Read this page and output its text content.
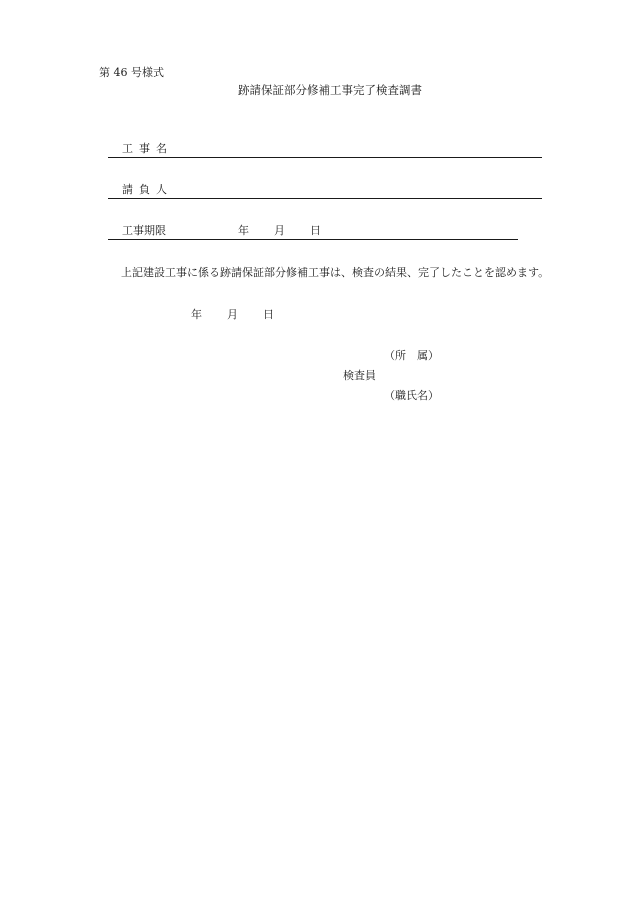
第 46 号様式
跡請保証部分修補工事完了検査調書
工事名
請負人
工事期限	年 月 日
上記建設工事に係る跡請保証部分修補工事は、検査の結果、完了したことを認めます。
年 月 日
（所　属）
検査員
（職氏名）
